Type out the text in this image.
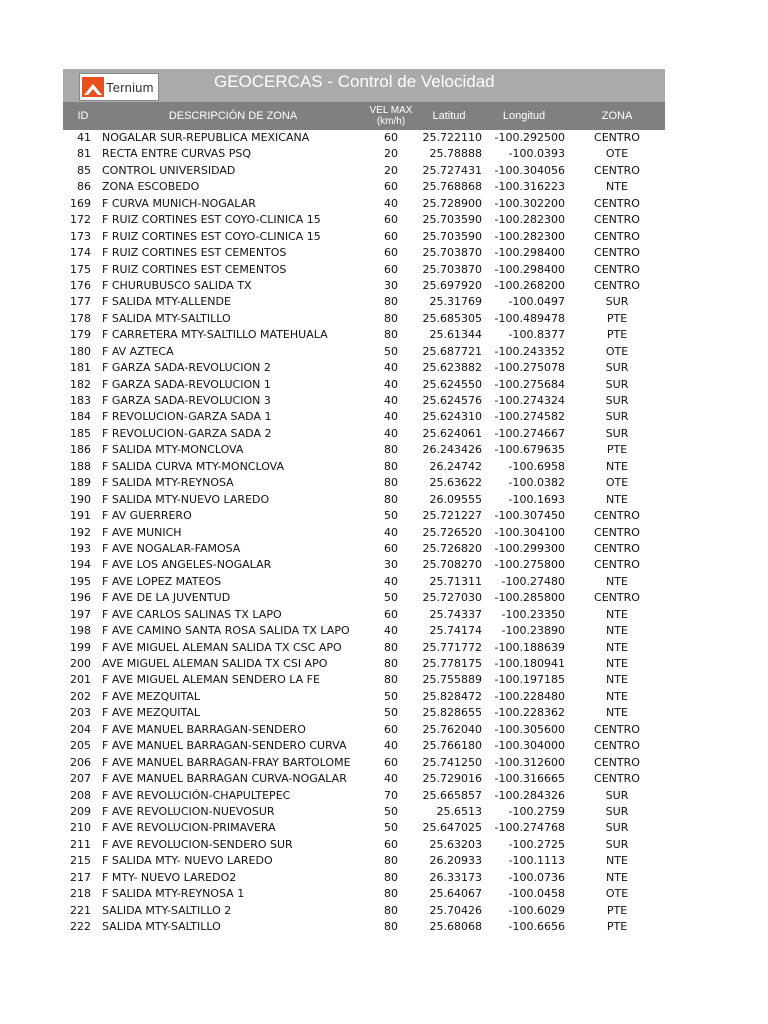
Ternium	GEOCERCAS - Control de Velocidad
ID	DESCRIPCIÓN DE ZONA	VEL MAX (km/h)	Latitud	Longitud	ZONA
41 NOGALAR SUR-REPUBLICA MEXICANA	60	25.722110	-100.292500	CENTRO
81 RECTA ENTRE CURVAS PSQ	20	25.78888	-100.0393	OTE
85 CONTROL UNIVERSIDAD	20	25.727431	-100.304056	CENTRO
86 ZONA ESCOBEDO	60	25.768868	-100.316223	NTE
169 F CURVA MUNICH-NOGALAR	40	25.728900	-100.302200	CENTRO
172 F RUIZ CORTINES EST COYO-CLINICA 15	60	25.703590	-100.282300	CENTRO
173 F RUIZ CORTINES EST COYO-CLINICA 15	60	25.703590	-100.282300	CENTRO
174 F RUIZ CORTINES EST CEMENTOS	60	25.703870	-100.298400	CENTRO
175 F RUIZ CORTINES EST CEMENTOS	60	25.703870	-100.298400	CENTRO
176 F CHURUBUSCO SALIDA TX	30	25.697920	-100.268200	CENTRO
177 F SALIDA MTY-ALLENDE	80	25.31769	-100.0497	SUR
178 F SALIDA MTY-SALTILLO	80	25.685305	-100.489478	PTE
179 F CARRETERA MTY-SALTILLO MATEHUALA	80	25.61344	-100.8377	PTE
180 F AV AZTECA	50	25.687721	-100.243352	OTE
181 F GARZA SADA-REVOLUCION 2	40	25.623882	-100.275078	SUR
182 F GARZA SADA-REVOLUCION 1	40	25.624550	-100.275684	SUR
183 F GARZA SADA-REVOLUCION 3	40	25.624576	-100.274324	SUR
184 F REVOLUCION-GARZA SADA 1	40	25.624310	-100.274582	SUR
185 F REVOLUCION-GARZA SADA 2	40	25.624061	-100.274667	SUR
186 F SALIDA MTY-MONCLOVA	80	26.243426	-100.679635	PTE
188 F SALIDA CURVA MTY-MONCLOVA	80	26.24742	-100.6958	NTE
189 F SALIDA MTY-REYNOSA	80	25.63622	-100.0382	OTE
190 F SALIDA MTY-NUEVO LAREDO	80	26.09555	-100.1693	NTE
191 F AV GUERRERO	50	25.721227	-100.307450	CENTRO
192 F AVE MUNICH	40	25.726520	-100.304100	CENTRO
193 F AVE NOGALAR-FAMOSA	60	25.726820	-100.299300	CENTRO
194 F AVE LOS ANGELES-NOGALAR	30	25.708270	-100.275800	CENTRO
195 F AVE LOPEZ MATEOS	40	25.71311	-100.27480	NTE
196 F AVE DE LA JUVENTUD	50	25.727030	-100.285800	CENTRO
197 F AVE CARLOS SALINAS TX LAPO	60	25.74337	-100.23350	NTE
198 F AVE CAMINO SANTA ROSA SALIDA TX LAPO	40	25.74174	-100.23890	NTE
199 F AVE MIGUEL ALEMAN SALIDA TX CSC APO	80	25.771772	-100.188639	NTE
200 AVE MIGUEL ALEMAN SALIDA TX CSI APO	80	25.778175	-100.180941	NTE
201 F AVE MIGUEL ALEMAN SENDERO LA FE	80	25.755889	-100.197185	NTE
202 F AVE MEZQUITAL	50	25.828472	-100.228480	NTE
203 F AVE MEZQUITAL	50	25.828655	-100.228362	NTE
204 F AVE MANUEL BARRAGAN-SENDERO	60	25.762040	-100.305600	CENTRO
205 F AVE MANUEL BARRAGAN-SENDERO CURVA	40	25.766180	-100.304000	CENTRO
206 F AVE MANUEL BARRAGAN-FRAY BARTOLOME	60	25.741250	-100.312600	CENTRO
207 F AVE MANUEL BARRAGAN CURVA-NOGALAR	40	25.729016	-100.316665	CENTRO
208 F AVE REVOLUCIÓN-CHAPULTEPEC	70	25.665857	-100.284326	SUR
209 F AVE REVOLUCION-NUEVOSUR	50	25.6513	-100.2759	SUR
210 F AVE REVOLUCION-PRIMAVERA	50	25.647025	-100.274768	SUR
211 F AVE REVOLUCION-SENDERO SUR	60	25.63203	-100.2725	SUR
215 F SALIDA MTY- NUEVO LAREDO	80	26.20933	-100.1113	NTE
217 F MTY- NUEVO LAREDO2	80	26.33173	-100.0736	NTE
218 F SALIDA MTY-REYNOSA 1	80	25.64067	-100.0458	OTE
221 SALIDA MTY-SALTILLO 2	80	25.70426	-100.6029	PTE
222 SALIDA MTY-SALTILLO	80	25.68068	-100.6656	PTE
